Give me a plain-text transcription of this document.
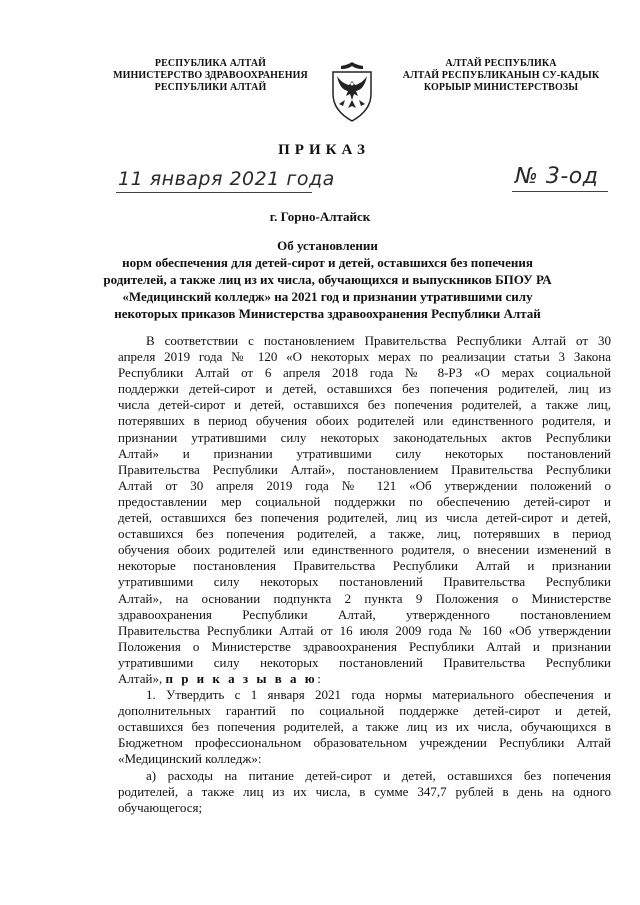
РЕСПУБЛИКА АЛТАЙ
МИНИСТЕРСТВО ЗДРАВООХРАНЕНИЯ
РЕСПУБЛИКИ АЛТАЙ
АЛТАЙ РЕСПУБЛИКА
АЛТАЙ РЕСПУБЛИКАНЫН СУ-КАДЫК
КОРЫЫР МИНИСТЕРСТВОЗЫ
ПРИКАЗ
11 января 2021 года	№ 3-од
г. Горно-Алтайск
Об установлении
норм обеспечения для детей-сирот и детей, оставшихся без попечения
родителей, а также лиц из их числа, обучающихся и выпускников БПОУ РА
«Медицинский колледж» на 2021 год и признании утратившими силу
некоторых приказов Министерства здравоохранения Республики Алтай
В соответствии с постановлением Правительства Республики Алтай от 30
апреля 2019 года № 120 «О некоторых мерах по реализации статьи 3 Закона
Республики Алтай от 6 апреля 2018 года № 8-РЗ «О мерах социальной
поддержки детей-сирот и детей, оставшихся без попечения родителей, лиц из
числа детей-сирот и детей, оставшихся без попечения родителей, а также лиц,
потерявших в период обучения обоих родителей или единственного родителя, и
признании утратившими силу некоторых законодательных актов Республики
Алтай» и признании утратившими силу некоторых постановлений
Правительства Республики Алтай», постановлением Правительства Республики
Алтай от 30 апреля 2019 года № 121 «Об утверждении положений о
предоставлении мер социальной поддержки по обеспечению детей-сирот и
детей, оставшихся без попечения родителей, лиц из числа детей-сирот и детей,
оставшихся без попечения родителей, а также, лиц, потерявших в период
обучения обоих родителей или единственного родителя, о внесении изменений в
некоторые постановления Правительства Республики Алтай и признании
утратившими силу некоторых постановлений Правительства Республики
Алтай», на основании подпункта 2 пункта 9 Положения о Министерстве
здравоохранения Республики Алтай, утвержденного постановлением
Правительства Республики Алтай от 16 июля 2009 года № 160 «Об утверждении
Положения о Министерстве здравоохранения Республики Алтай и признании
утратившими силу некоторых постановлений Правительства Республики
Алтай», п р и к а з ы в а ю:
1. Утвердить с 1 января 2021 года нормы материального обеспечения и
дополнительных гарантий по социальной поддержке детей-сирот и детей,
оставшихся без попечения родителей, а также лиц из их числа, обучающихся в
Бюджетном профессиональном образовательном учреждении Республики Алтай
«Медицинский колледж»:
а) расходы на питание детей-сирот и детей, оставшихся без попечения
родителей, а также лиц из их числа, в сумме 347,7 рублей в день на одного
обучающегося;
